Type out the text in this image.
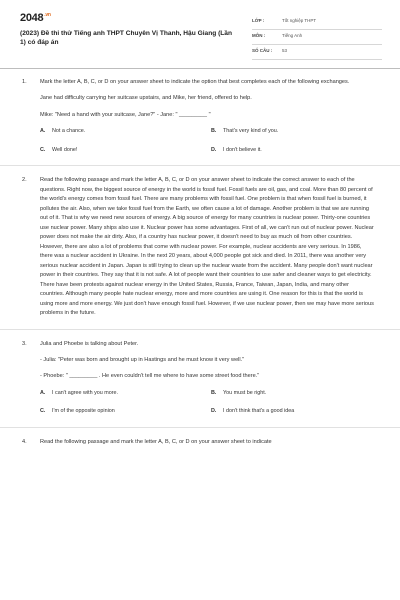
$2048^{.vn}$
(2023) Đề thi thử Tiếng anh THPT Chuyên Vị Thanh, Hậu Giang (Lần 1) có đáp án
LỚP :	Tốt nghiệp THPT
MÔN :	Tiếng Anh
SỐ CÂU : 53
1. Mark the letter A, B, C, or D on your answer sheet to indicate the option that best completes each of the following exchanges.

Jane had difficulty carrying her suitcase upstairs, and Mike, her friend, offered to help.

Mike: "Need a hand with your suitcase, Jane?" - Jane: " _________ "

A. Not a chance.	B. That's very kind of you.
C. Well done!	D. I don't believe it.
2. Read the following passage and mark the letter A, B, C, or D on your answer sheet to indicate the correct answer to each of the questions. Right now, the biggest source of energy in the world is fossil fuel. Fossil fuels are oil, gas, and coal. More than 80 percent of the world's energy comes from fossil fuel. There are many problems with fossil fuel. One problem is that when fossil fuel is burned, it pollutes the air. Also, when we take fossil fuel from the Earth, we often cause a lot of damage. Another problem is that we are running out of it. That is why we need new sources of energy. A big source of energy for many countries is nuclear power. Thirty-one countries use nuclear power. Many ships also use it. Nuclear power has some advantages. First of all, we can't run out of nuclear power. Nuclear power does not make the air dirty. Also, if a country has nuclear power, it doesn't need to buy as much oil from other countries. However, there are also a lot of problems that come with nuclear power. For example, nuclear accidents are very serious. In 1986, there was a nuclear accident in Ukraine. In the next 20 years, about 4,000 people got sick and died. In 2011, there was another very serious nuclear accident in Japan. Japan is still trying to clean up the nuclear waste from the accident. Many people don't want nuclear power in their countries. They say that it is not safe. A lot of people want their countries to use safer and cleaner ways to get electricity. There have been protests against nuclear energy in the United States, Russia, France, Taiwan, Japan, India, and many other countries. Although many people hate nuclear energy, more and more countries are using it. One reason for this is that the world is using more and more energy. We just don't have enough fossil fuel. However, if we use nuclear power, then we may have more serious problems in the future.

3. Julia and Phoebe is talking about Peter.

- Julia: "Peter was born and brought up in Hastings and he must know it very well."

- Phoebe: " _________ . He even couldn't tell me where to have some street food there."

A. I can't agree with you more.	B. You must be right.
C. I'm of the opposite opinion	D. I don't think that's a good idea
4. Read the following passage and mark the letter A, B, C, or D on your answer sheet to indicate
